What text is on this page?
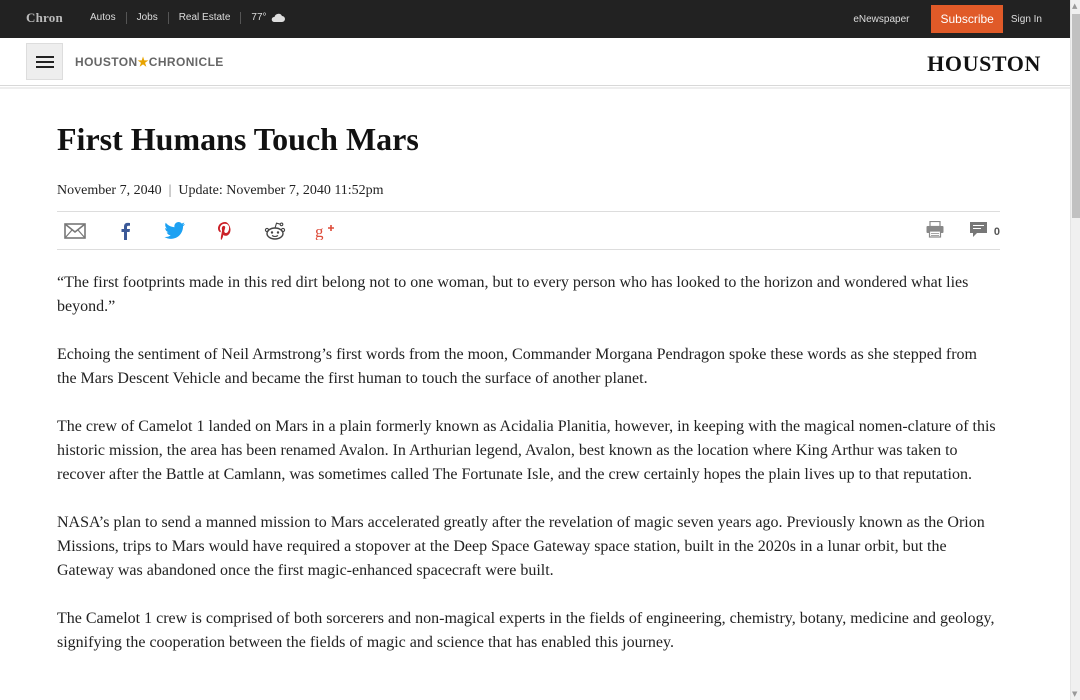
Chron	Autos	Jobs	Real Estate	77°	eNewspaper	Subscribe	Sign In
HOUSTON★CHRONICLE	HOUSTON
First Humans Touch Mars
November 7, 2040 | Update: November 7, 2040 11:52pm
g	0

“The first footprints made in this red dirt belong not to one woman, but to every person who has looked to the horizon and wondered what lies beyond.”

Echoing the sentiment of Neil Armstrong’s first words from the moon, Commander Morgana Pendragon spoke these words as she stepped from the Mars Descent Vehicle and became the first human to touch the surface of another planet.

The crew of Camelot 1 landed on Mars in a plain formerly known as Acidalia Planitia, however, in keeping with the magical nomen-clature of this historic mission, the area has been renamed Avalon. In Arthurian legend, Avalon, best known as the location where King Arthur was taken to recover after the Battle at Camlann, was sometimes called The Fortunate Isle, and the crew certainly hopes the plain lives up to that reputation.

NASA’s plan to send a manned mission to Mars accelerated greatly after the revelation of magic seven years ago. Previously known as the Orion Missions, trips to Mars would have required a stopover at the Deep Space Gateway space station, built in the 2020s in a lunar orbit, but the Gateway was abandoned once the first magic-enhanced spacecraft were built.

The Camelot 1 crew is comprised of both sorcerers and non-magical experts in the fields of engineering, chemistry, botany, medicine and geology, signifying the cooperation between the fields of magic and science that has enabled this journey.

▲
▼
